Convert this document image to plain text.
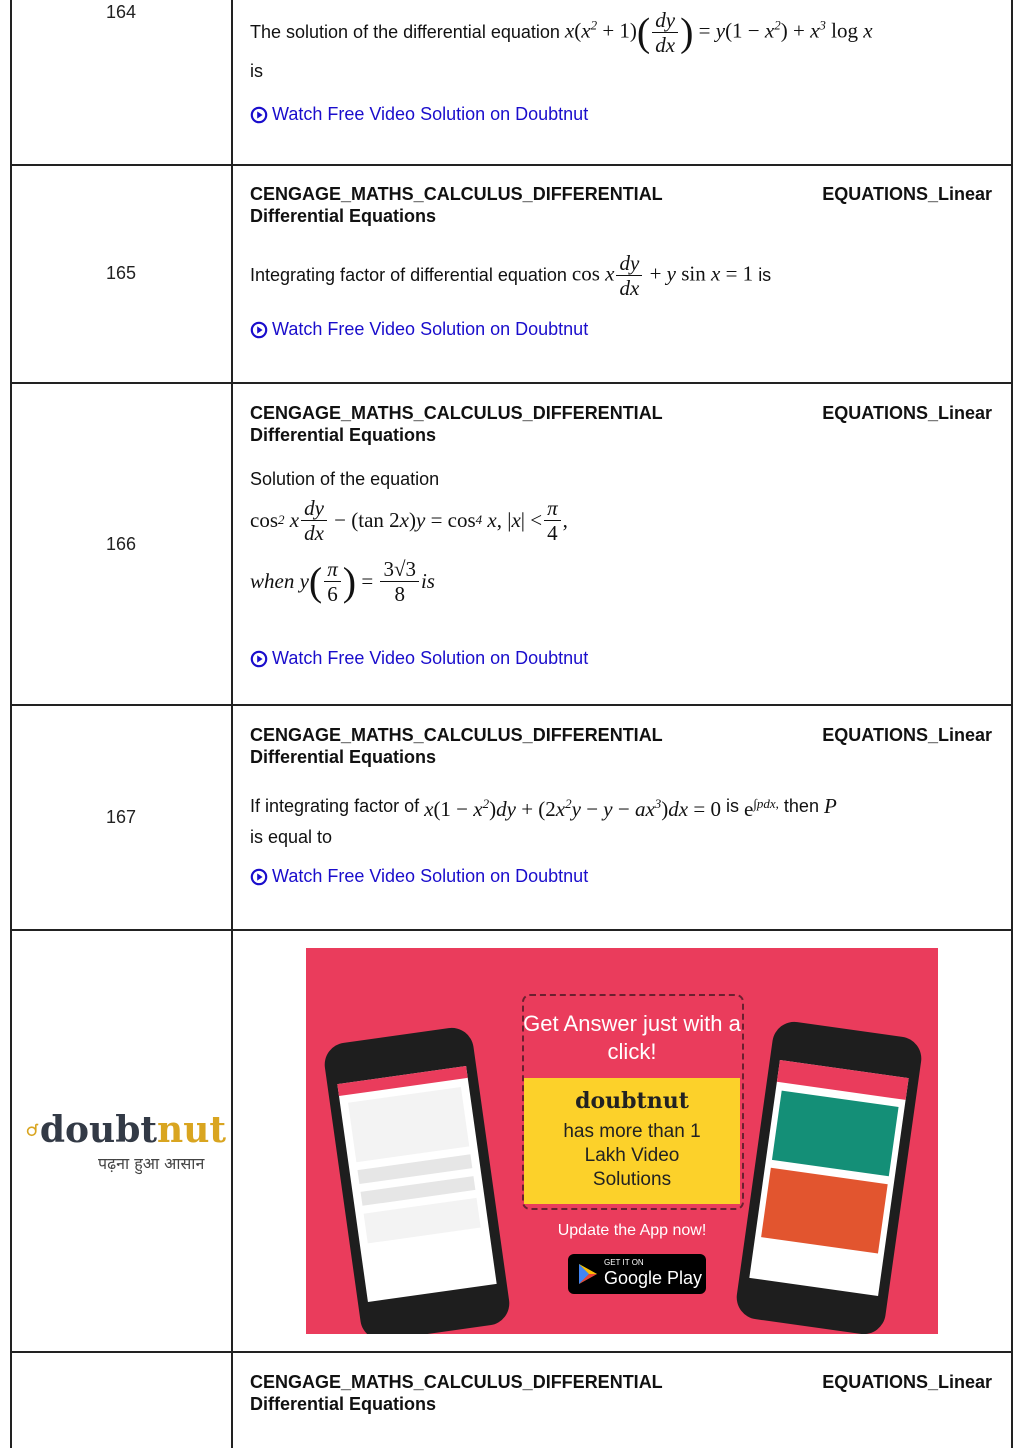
164
The solution of the differential equation
$x(x^2 + 1)( \frac{dy}{dx}$ ) = $y(1 - x^2) + x^3$ log x
is
Watch Free Video Solution on Doubtnut
165
CENGAGE_MATHS_CALCULUS_DIFFERENTIAL	EQUATIONS_Linear
Differential Equations
Integrating factor of differential equation
cos x $\frac{dy}{dx} + y$ sin x = 1
is
Watch Free Video Solution on Doubtnut
166
CENGAGE_MATHS_CALCULUS_DIFFERENTIAL	EQUATIONS_Linear
Differential Equations
Solution of the equation
cos 2 x $\frac{dy}{dx}$
− (tan 2 x ) y = cos 4 x , | x | < $\frac{\pi}{4}$ ,
when y ( $\frac{\pi}{6}$ )
=
$\frac{3√3}{8}$ is
Watch Free Video Solution on Doubtnut
167
CENGAGE_MATHS_CALCULUS_DIFFERENTIAL	EQUATIONS_Linear
Differential Equations
If integrating factor of
$x(1 - x^2)dy + (2x^2y - y - ax^3)dx = 0$
is
$e^{\int pdx,}$
then
P
is equal to
Watch Free Video Solution on Doubtnut
doubt nut
पढ़ना हुआ आसान
Get Answer just with a click!
doubtnut
has more than 1 Lakh Video Solutions
Update the App now!
GET IT ON
Google Play
CENGAGE_MATHS_CALCULUS_DIFFERENTIAL	EQUATIONS_Linear
Differential Equations
